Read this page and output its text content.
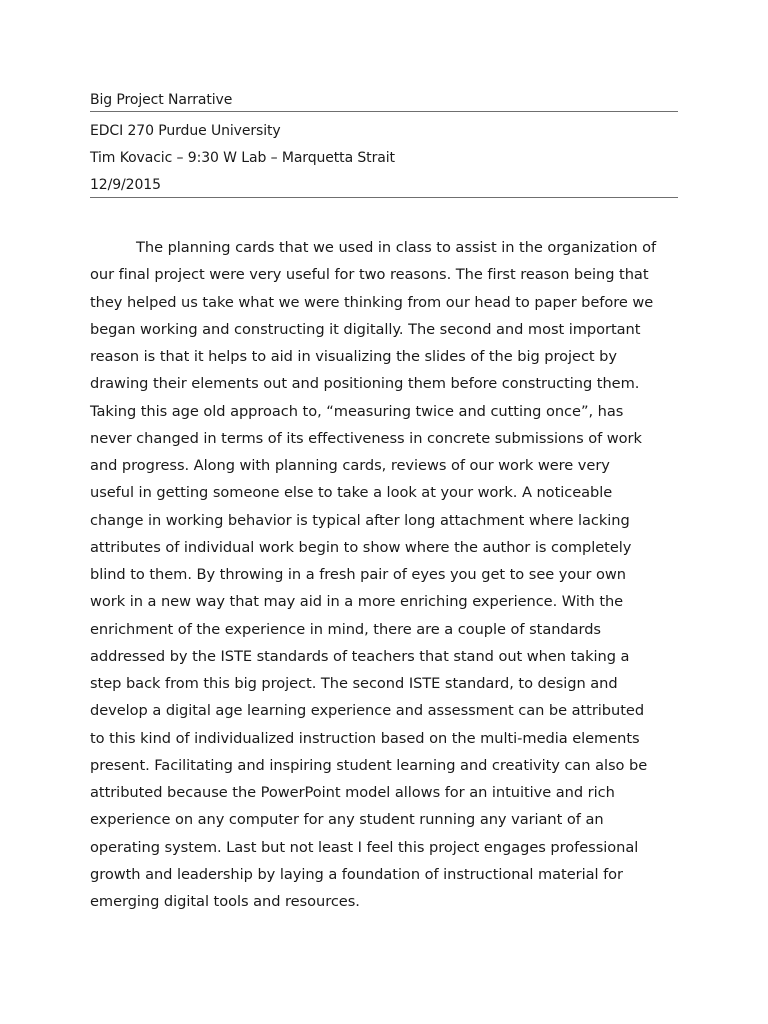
Big Project Narrative
EDCI 270 Purdue University
Tim Kovacic – 9:30 W Lab – Marquetta Strait
12/9/2015
The planning cards that we used in class to assist in the organization of
our final project were very useful for two reasons. The first reason being that
they helped us take what we were thinking from our head to paper before we
began working and constructing it digitally. The second and most important
reason is that it helps to aid in visualizing the slides of the big project by
drawing their elements out and positioning them before constructing them.
Taking this age old approach to, “measuring twice and cutting once”, has
never changed in terms of its effectiveness in concrete submissions of work
and progress. Along with planning cards, reviews of our work were very
useful in getting someone else to take a look at your work. A noticeable
change in working behavior is typical after long attachment where lacking
attributes of individual work begin to show where the author is completely
blind to them. By throwing in a fresh pair of eyes you get to see your own
work in a new way that may aid in a more enriching experience. With the
enrichment of the experience in mind, there are a couple of standards
addressed by the ISTE standards of teachers that stand out when taking a
step back from this big project. The second ISTE standard, to design and
develop a digital age learning experience and assessment can be attributed
to this kind of individualized instruction based on the multi-media elements
present. Facilitating and inspiring student learning and creativity can also be
attributed because the PowerPoint model allows for an intuitive and rich
experience on any computer for any student running any variant of an
operating system. Last but not least I feel this project engages professional
growth and leadership by laying a foundation of instructional material for
emerging digital tools and resources.
